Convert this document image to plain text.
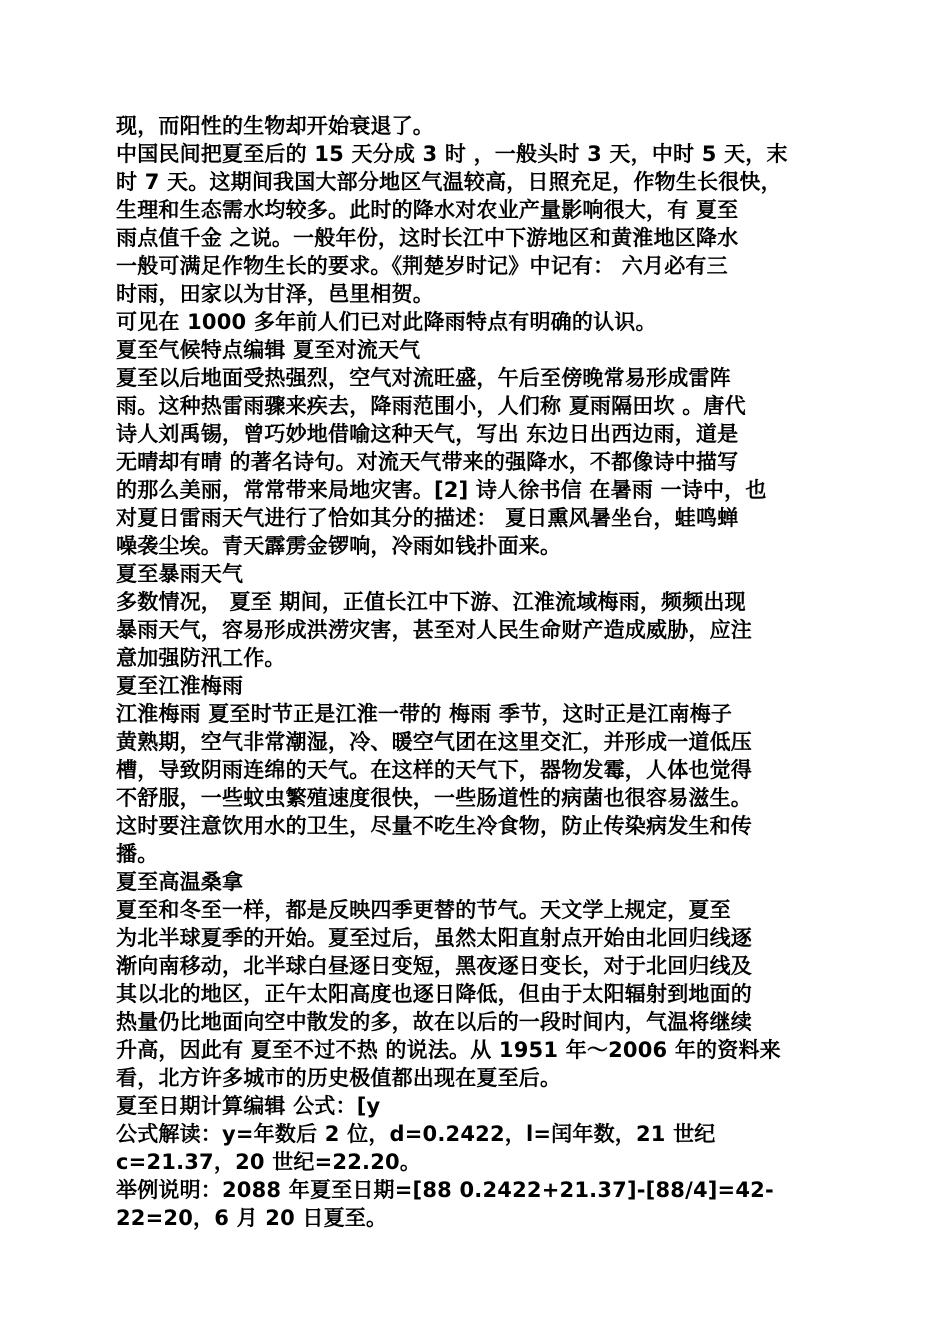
现，而阳性的生物却开始衰退了。
中国民间把夏至后的 15 天分成 3 时 ，一般头时 3 天，中时 5 天，末
时 7 天。这期间我国大部分地区气温较高，日照充足，作物生长很快，
生理和生态需水均较多。此时的降水对农业产量影响很大，有 夏至
雨点值千金 之说。一般年份，这时长江中下游地区和黄淮地区降水
一般可满足作物生长的要求。《荆楚岁时记》中记有： 六月必有三
时雨，田家以为甘泽，邑里相贺。
可见在 1000 多年前人们已对此降雨特点有明确的认识。
夏至气候特点编辑 夏至对流天气
夏至以后地面受热强烈，空气对流旺盛，午后至傍晚常易形成雷阵
雨。这种热雷雨骤来疾去，降雨范围小，人们称 夏雨隔田坎 。唐代
诗人刘禹锡，曾巧妙地借喻这种天气，写出 东边日出西边雨，道是
无晴却有晴 的著名诗句。对流天气带来的强降水，不都像诗中描写
的那么美丽，常常带来局地灾害。[2] 诗人徐书信 在暑雨 一诗中，也
对夏日雷雨天气进行了恰如其分的描述： 夏日熏风暑坐台，蛙鸣蝉
噪袭尘埃。青天霹雳金锣响，冷雨如钱扑面来。
夏至暴雨天气
多数情况， 夏至 期间，正值长江中下游、江淮流域梅雨，频频出现
暴雨天气，容易形成洪涝灾害，甚至对人民生命财产造成威胁，应注
意加强防汛工作。
夏至江淮梅雨
江淮梅雨 夏至时节正是江淮一带的 梅雨 季节，这时正是江南梅子
黄熟期，空气非常潮湿，冷、暖空气团在这里交汇，并形成一道低压
槽，导致阴雨连绵的天气。在这样的天气下，器物发霉，人体也觉得
不舒服，一些蚊虫繁殖速度很快，一些肠道性的病菌也很容易滋生。
这时要注意饮用水的卫生，尽量不吃生冷食物，防止传染病发生和传
播。
夏至高温桑拿
夏至和冬至一样，都是反映四季更替的节气。天文学上规定，夏至
为北半球夏季的开始。夏至过后，虽然太阳直射点开始由北回归线逐
渐向南移动，北半球白昼逐日变短，黑夜逐日变长，对于北回归线及
其以北的地区，正午太阳高度也逐日降低，但由于太阳辐射到地面的
热量仍比地面向空中散发的多，故在以后的一段时间内，气温将继续
升高，因此有 夏至不过不热 的说法。从 1951 年～2006 年的资料来
看，北方许多城市的历史极值都出现在夏至后。
夏至日期计算编辑 公式：[y
公式解读：y=年数后 2 位，d=0.2422，l=闰年数，21 世纪
c=21.37，20 世纪=22.20。
举例说明：2088 年夏至日期=[88 0.2422+21.37]-[88/4]=42-
22=20，6 月 20 日夏至。
